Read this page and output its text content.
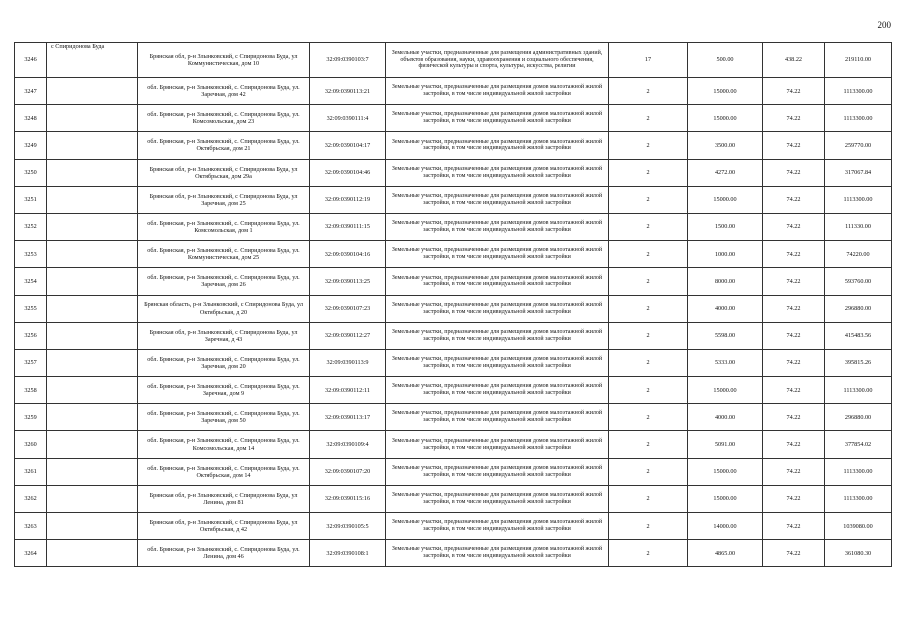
200
3246	с Спиридонова Буда	Брянская обл, р-н Злынковский, с Спиридонова Буда, ул Коммунистическая, дом 10	32:09:0390103:7	Земельные участки, предназначенные для размещения административных зданий, объектов образования, науки, здравоохранения и социального обеспечения, физической культуры и спорта, культуры, искусства, религии	17	500.00	438.22	219110.00
3247		обл. Брянская, р-н Злынковский, с. Спиридонова Буда, ул. Заречная, дом 42	32:09:0390113:21	Земельные участки, предназначенные для размещения домов малоэтажной жилой застройки, в том числе индивидуальной жилой застройки	2	15000.00	74.22	1113300.00
3248		обл. Брянская, р-н Злынковский, с. Спиридонова Буда, ул. Комсомольская, дом 23	32:09:0390111:4	Земельные участки, предназначенные для размещения домов малоэтажной жилой застройки, в том числе индивидуальной жилой застройки	2	15000.00	74.22	1113300.00
3249		обл. Брянская, р-н Злынковский, с. Спиридонова Буда, ул. Октябрьская, дом 21	32:09:0390104:17	Земельные участки, предназначенные для размещения домов малоэтажной жилой застройки, в том числе индивидуальной жилой застройки	2	3500.00	74.22	259770.00
3250		Брянская обл, р-н Злынковский, с Спиридонова Буда, ул Октябрьская, дом 29а	32:09:0390104:46	Земельные участки, предназначенные для размещения домов малоэтажной жилой застройки, в том числе индивидуальной жилой застройки	2	4272.00	74.22	317067.84
3251		Брянская обл, р-н Злынковский, с Спиридонова Буда, ул Заречная, дом 25	32:09:0390112:19	Земельные участки, предназначенные для размещения домов малоэтажной жилой застройки, в том числе индивидуальной жилой застройки	2	15000.00	74.22	1113300.00
3252		обл. Брянская, р-н Злынковский, с. Спиридонова Буда, ул. Комсомольская, дом 1	32:09:0390111:15	Земельные участки, предназначенные для размещения домов малоэтажной жилой застройки, в том числе индивидуальной жилой застройки	2	1500.00	74.22	111330.00
3253		обл. Брянская, р-н Злынковский, с. Спиридонова Буда, ул. Коммунистическая, дом 25	32:09:0390104:16	Земельные участки, предназначенные для размещения домов малоэтажной жилой застройки, в том числе индивидуальной жилой застройки	2	1000.00	74.22	74220.00
3254		обл. Брянская, р-н Злынковский, с. Спиридонова Буда, ул. Заречная, дом 26	32:09:0390113:25	Земельные участки, предназначенные для размещения домов малоэтажной жилой застройки, в том числе индивидуальной жилой застройки	2	8000.00	74.22	593760.00
3255		Брянская область, р-н Злынковский, с Спиридонова Буда, ул Октябрьская, д 20	32:09:0390107:23	Земельные участки, предназначенные для размещения домов малоэтажной жилой застройки, в том числе индивидуальной жилой застройки	2	4000.00	74.22	296880.00
3256		Брянская обл, р-н Злынковский, с Спиридонова Буда, ул Заречная, д 43	32:09:0390112:27	Земельные участки, предназначенные для размещения домов малоэтажной жилой застройки, в том числе индивидуальной жилой застройки	2	5598.00	74.22	415483.56
3257		обл. Брянская, р-н Злынковский, с. Спиридонова Буда, ул. Заречная, дом 20	32:09:0390113:9	Земельные участки, предназначенные для размещения домов малоэтажной жилой застройки, в том числе индивидуальной жилой застройки	2	5333.00	74.22	395815.26
3258		обл. Брянская, р-н Злынковский, с. Спиридонова Буда, ул. Заречная, дом 9	32:09:0390112:11	Земельные участки, предназначенные для размещения домов малоэтажной жилой застройки, в том числе индивидуальной жилой застройки	2	15000.00	74.22	1113300.00
3259		обл. Брянская, р-н Злынковский, с. Спиридонова Буда, ул. Заречная, дом 50	32:09:0390113:17	Земельные участки, предназначенные для размещения домов малоэтажной жилой застройки, в том числе индивидуальной жилой застройки	2	4000.00	74.22	296880.00
3260		обл. Брянская, р-н Злынковский, с. Спиридонова Буда, ул. Комсомольская, дом 14	32:09:0390109:4	Земельные участки, предназначенные для размещения домов малоэтажной жилой застройки, в том числе индивидуальной жилой застройки	2	5091.00	74.22	377854.02
3261		обл. Брянская, р-н Злынковский, с. Спиридонова Буда, ул. Октябрьская, дом 14	32:09:0390107:20	Земельные участки, предназначенные для размещения домов малоэтажной жилой застройки, в том числе индивидуальной жилой застройки	2	15000.00	74.22	1113300.00
3262		Брянская обл, р-н Злынковский, с Спиридонова Буда, ул Ленина, дом 81	32:09:0390115:16	Земельные участки, предназначенные для размещения домов малоэтажной жилой застройки, в том числе индивидуальной жилой застройки	2	15000.00	74.22	1113300.00
3263		Брянская обл, р-н Злынковский, с Спиридонова Буда, ул Октябрьская, д 42	32:09:0390105:5	Земельные участки, предназначенные для размещения домов малоэтажной жилой застройки, в том числе индивидуальной жилой застройки	2	14000.00	74.22	1039080.00
3264		обл. Брянская, р-н Злынковский, с. Спиридонова Буда, ул. Ленина, дом 46	32:09:0390108:1	Земельные участки, предназначенные для размещения домов малоэтажной жилой застройки, в том числе индивидуальной жилой застройки	2	4865.00	74.22	361080.30
